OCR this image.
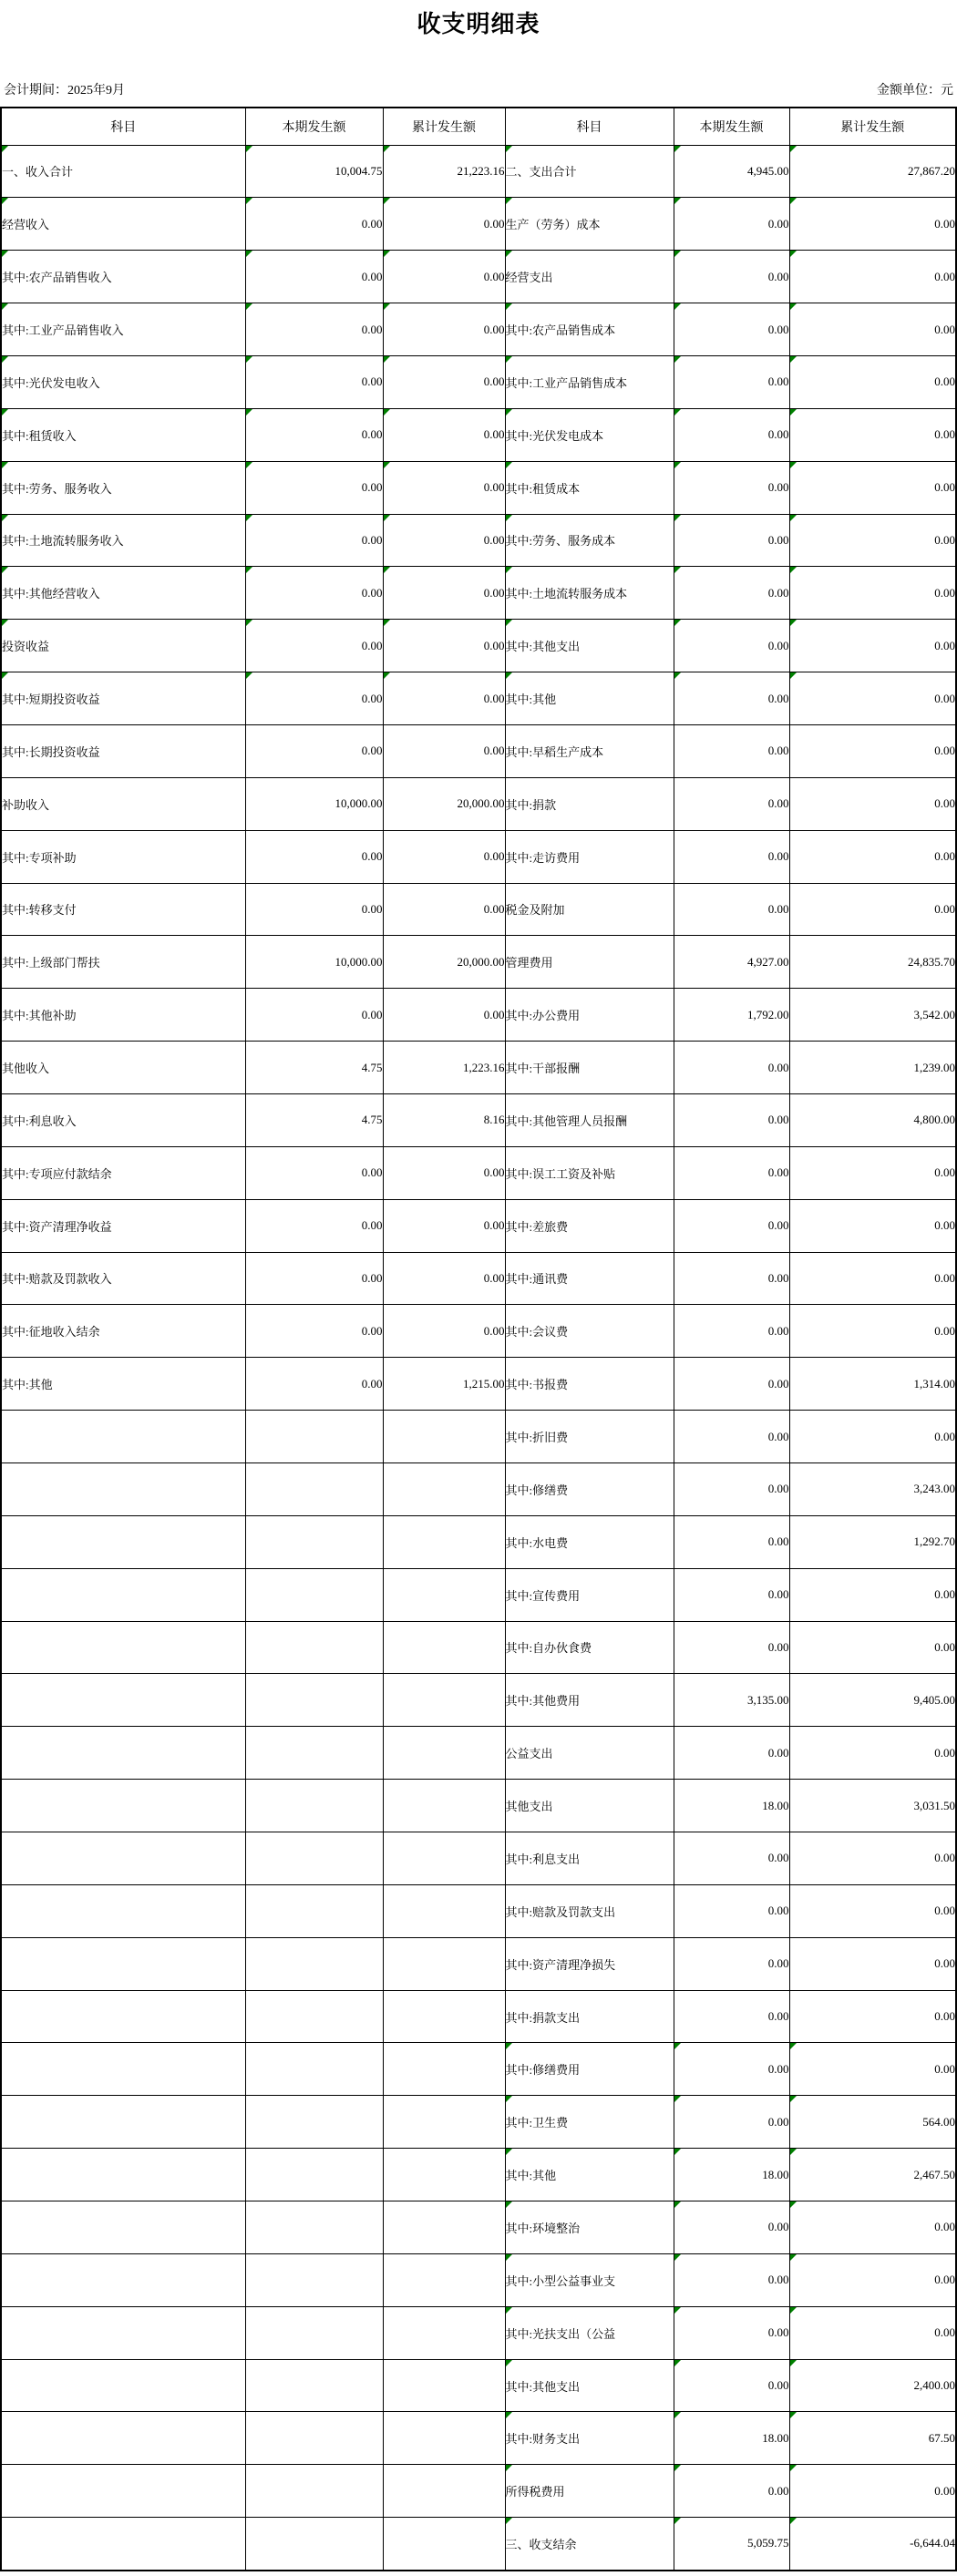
收支明细表
会计期间：2025年9月	金额单位：元
科目	本期发生额	累计发生额	科目	本期发生额	累计发生额
一、收入合计	10,004.75	21,223.16	二、支出合计	4,945.00	27,867.20
经营收入	0.00	0.00	生产（劳务）成本	0.00	0.00
其中:农产品销售收入	0.00	0.00	经营支出	0.00	0.00
其中:工业产品销售收入	0.00	0.00	其中:农产品销售成本	0.00	0.00
其中:光伏发电收入	0.00	0.00	其中:工业产品销售成本	0.00	0.00
其中:租赁收入	0.00	0.00	其中:光伏发电成本	0.00	0.00
其中:劳务、服务收入	0.00	0.00	其中:租赁成本	0.00	0.00
其中:土地流转服务收入	0.00	0.00	其中:劳务、服务成本	0.00	0.00
其中:其他经营收入	0.00	0.00	其中:土地流转服务成本	0.00	0.00
投资收益	0.00	0.00	其中:其他支出	0.00	0.00
其中:短期投资收益	0.00	0.00	其中:其他	0.00	0.00
其中:长期投资收益	0.00	0.00	其中:早稻生产成本	0.00	0.00
补助收入	10,000.00	20,000.00	其中:捐款	0.00	0.00
其中:专项补助	0.00	0.00	其中:走访费用	0.00	0.00
其中:转移支付	0.00	0.00	税金及附加	0.00	0.00
其中:上级部门帮扶	10,000.00	20,000.00	管理费用	4,927.00	24,835.70
其中:其他补助	0.00	0.00	其中:办公费用	1,792.00	3,542.00
其他收入	4.75	1,223.16	其中:干部报酬	0.00	1,239.00
其中:利息收入	4.75	8.16	其中:其他管理人员报酬	0.00	4,800.00
其中:专项应付款结余	0.00	0.00	其中:误工工资及补贴	0.00	0.00
其中:资产清理净收益	0.00	0.00	其中:差旅费	0.00	0.00
其中:赔款及罚款收入	0.00	0.00	其中:通讯费	0.00	0.00
其中:征地收入结余	0.00	0.00	其中:会议费	0.00	0.00
其中:其他	0.00	1,215.00	其中:书报费	0.00	1,314.00
			其中:折旧费	0.00	0.00
			其中:修缮费	0.00	3,243.00
			其中:水电费	0.00	1,292.70
			其中:宣传费用	0.00	0.00
			其中:自办伙食费	0.00	0.00
			其中:其他费用	3,135.00	9,405.00
			公益支出	0.00	0.00
			其他支出	18.00	3,031.50
			其中:利息支出	0.00	0.00
			其中:赔款及罚款支出	0.00	0.00
			其中:资产清理净损失	0.00	0.00
			其中:捐款支出	0.00	0.00
			其中:修缮费用	0.00	0.00
			其中:卫生费	0.00	564.00
			其中:其他	18.00	2,467.50
			其中:环境整治	0.00	0.00
			其中:小型公益事业支	0.00	0.00
			其中:光扶支出（公益	0.00	0.00
			其中:其他支出	0.00	2,400.00
			其中:财务支出	18.00	67.50
			所得税费用	0.00	0.00
			三、收支结余	5,059.75	-6,644.04
